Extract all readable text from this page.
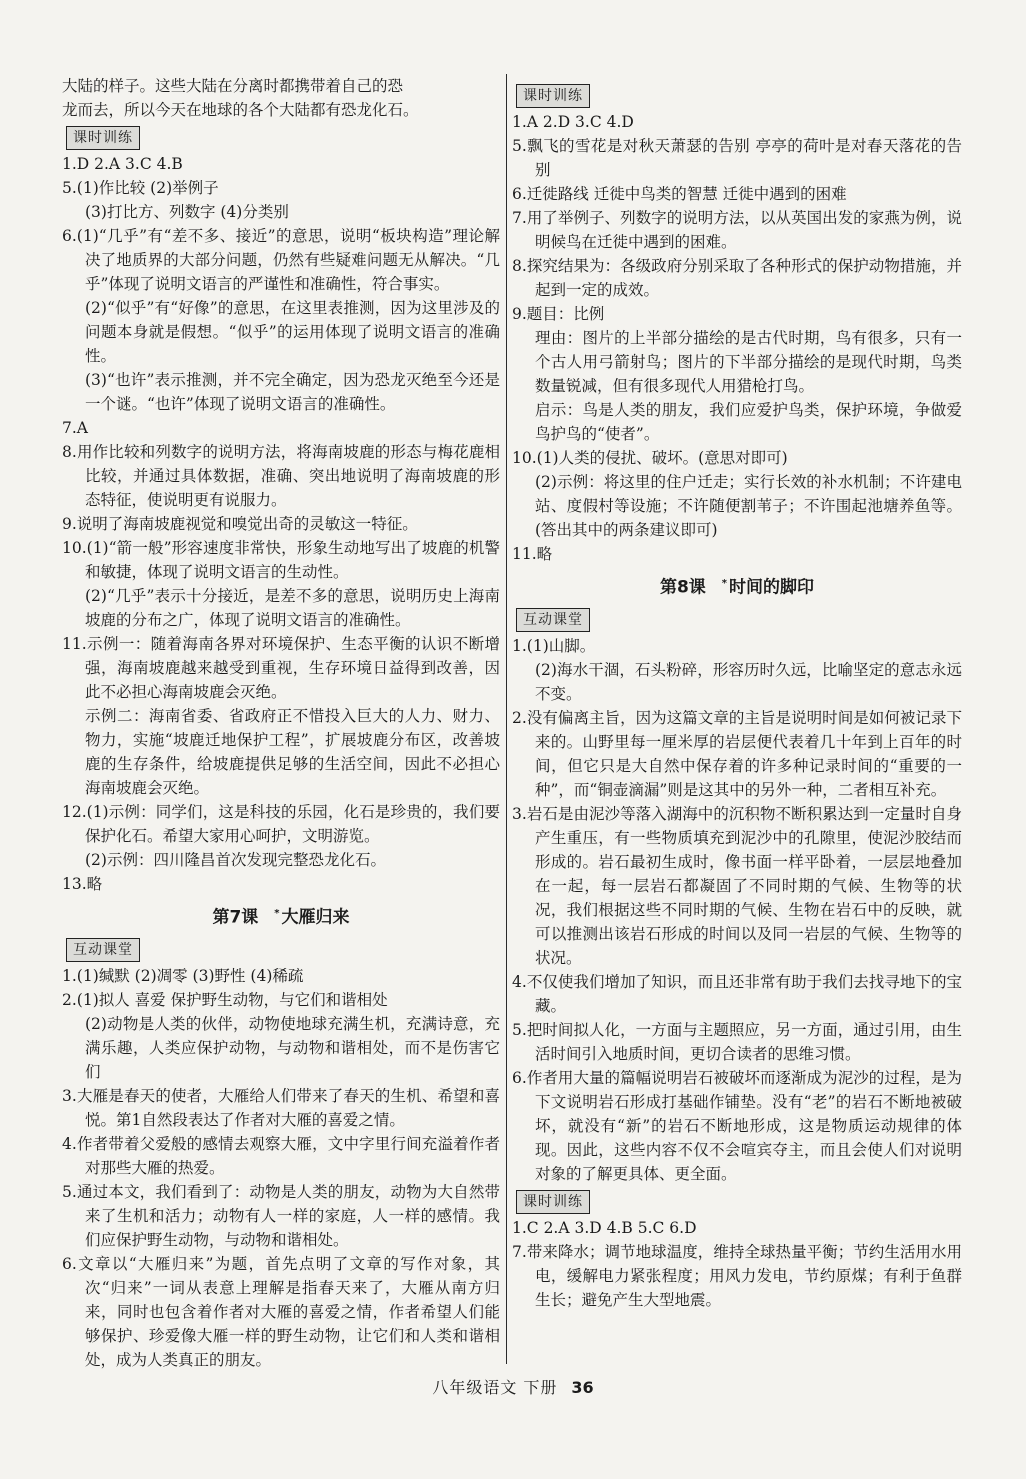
大陆的样子。这些大陆在分离时都携带着自己的恐

龙而去，所以今天在地球的各个大陆都有恐龙化石。

课时训练

1.D 2.A 3.C 4.B

5.(1)作比较 (2)举例子

(3)打比方、列数字 (4)分类别

6.(1)“几乎”有“差不多、接近”的意思，说明“板块构造”理论解决了地质界的大部分问题，仍然有些疑难问题无从解决。“几乎”体现了说明文语言的严谨性和准确性，符合事实。

(2)“似乎”有“好像”的意思，在这里表推测，因为这里涉及的问题本身就是假想。“似乎”的运用体现了说明文语言的准确性。

(3)“也许”表示推测，并不完全确定，因为恐龙灭绝至今还是一个谜。“也许”体现了说明文语言的准确性。

7.A

8.用作比较和列数字的说明方法，将海南坡鹿的形态与梅花鹿相比较，并通过具体数据，准确、突出地说明了海南坡鹿的形态特征，使说明更有说服力。

9.说明了海南坡鹿视觉和嗅觉出奇的灵敏这一特征。

10.(1)“箭一般”形容速度非常快，形象生动地写出了坡鹿的机警和敏捷，体现了说明文语言的生动性。

(2)“几乎”表示十分接近，是差不多的意思，说明历史上海南坡鹿的分布之广，体现了说明文语言的准确性。

11.示例一：随着海南各界对环境保护、生态平衡的认识不断增强，海南坡鹿越来越受到重视，生存环境日益得到改善，因此不必担心海南坡鹿会灭绝。

示例二：海南省委、省政府正不惜投入巨大的人力、财力、物力，实施“坡鹿迁地保护工程”，扩展坡鹿分布区，改善坡鹿的生存条件，给坡鹿提供足够的生活空间，因此不必担心海南坡鹿会灭绝。

12.(1)示例：同学们，这是科技的乐园，化石是珍贵的，我们要保护化石。希望大家用心呵护，文明游览。

(2)示例：四川隆昌首次发现完整恐龙化石。

13.略

第7课 * 大雁归来
互动课堂

1.(1)缄默 (2)凋零 (3)野性 (4)稀疏

2.(1)拟人 喜爱 保护野生动物，与它们和谐相处

(2)动物是人类的伙伴，动物使地球充满生机，充满诗意，充满乐趣，人类应保护动物，与动物和谐相处，而不是伤害它们

3.大雁是春天的使者，大雁给人们带来了春天的生机、希望和喜悦。第1自然段表达了作者对大雁的喜爱之情。

4.作者带着父爱般的感情去观察大雁，文中字里行间充溢着作者对那些大雁的热爱。

5.通过本文，我们看到了：动物是人类的朋友，动物为大自然带来了生机和活力；动物有人一样的家庭，人一样的感情。我们应保护野生动物，与动物和谐相处。

6.文章以“大雁归来”为题，首先点明了文章的写作对象，其次“归来”一词从表意上理解是指春天来了，大雁从南方归来，同时也包含着作者对大雁的喜爱之情，作者希望人们能够保护、珍爱像大雁一样的野生动物，让它们和人类和谐相处，成为人类真正的朋友。

课时训练

1.A 2.D 3.C 4.D

5.飘飞的雪花是对秋天萧瑟的告别 亭亭的荷叶是对春天落花的告别

6.迁徙路线 迁徙中鸟类的智慧 迁徙中遇到的困难

7.用了举例子、列数字的说明方法，以从英国出发的家燕为例，说明候鸟在迁徙中遇到的困难。

8.探究结果为：各级政府分别采取了各种形式的保护动物措施，并起到一定的成效。

9.题目：比例

理由：图片的上半部分描绘的是古代时期，鸟有很多，只有一个古人用弓箭射鸟；图片的下半部分描绘的是现代时期，鸟类数量锐减，但有很多现代人用猎枪打鸟。

启示：鸟是人类的朋友，我们应爱护鸟类，保护环境，争做爱鸟护鸟的“使者”。

10.(1)人类的侵扰、破坏。(意思对即可)

(2)示例：将这里的住户迁走；实行长效的补水机制；不许建电站、度假村等设施；不许随便割苇子；不许围起池塘养鱼等。(答出其中的两条建议即可)

11.略

第8课 * 时间的脚印
互动课堂

1.(1)山脚。

(2)海水干涸，石头粉碎，形容历时久远，比喻坚定的意志永远不变。

2.没有偏离主旨，因为这篇文章的主旨是说明时间是如何被记录下来的。山野里每一厘米厚的岩层便代表着几十年到上百年的时间，但它只是大自然中保存着的许多种记录时间的“重要的一种”，而“铜壶滴漏”则是这其中的另外一种，二者相互补充。

3.岩石是由泥沙等落入湖海中的沉积物不断积累达到一定量时自身产生重压，有一些物质填充到泥沙中的孔隙里，使泥沙胶结而形成的。岩石最初生成时，像书面一样平卧着，一层层地叠加在一起，每一层岩石都凝固了不同时期的气候、生物等的状况，我们根据这些不同时期的气候、生物在岩石中的反映，就可以推测出该岩石形成的时间以及同一岩层的气候、生物等的状况。

4.不仅使我们增加了知识，而且还非常有助于我们去找寻地下的宝藏。

5.把时间拟人化，一方面与主题照应，另一方面，通过引用，由生活时间引入地质时间，更切合读者的思维习惯。

6.作者用大量的篇幅说明岩石被破坏而逐渐成为泥沙的过程，是为下文说明岩石形成打基础作铺垫。没有“老”的岩石不断地被破坏，就没有“新”的岩石不断地形成，这是物质运动规律的体现。因此，这些内容不仅不会喧宾夺主，而且会使人们对说明对象的了解更具体、更全面。

课时训练

1.C 2.A 3.D 4.B 5.C 6.D

7.带来降水；调节地球温度，维持全球热量平衡；节约生活用水用电，缓解电力紧张程度；用风力发电，节约原煤；有利于鱼群生长；避免产生大型地震。

八年级语文 下册 36
